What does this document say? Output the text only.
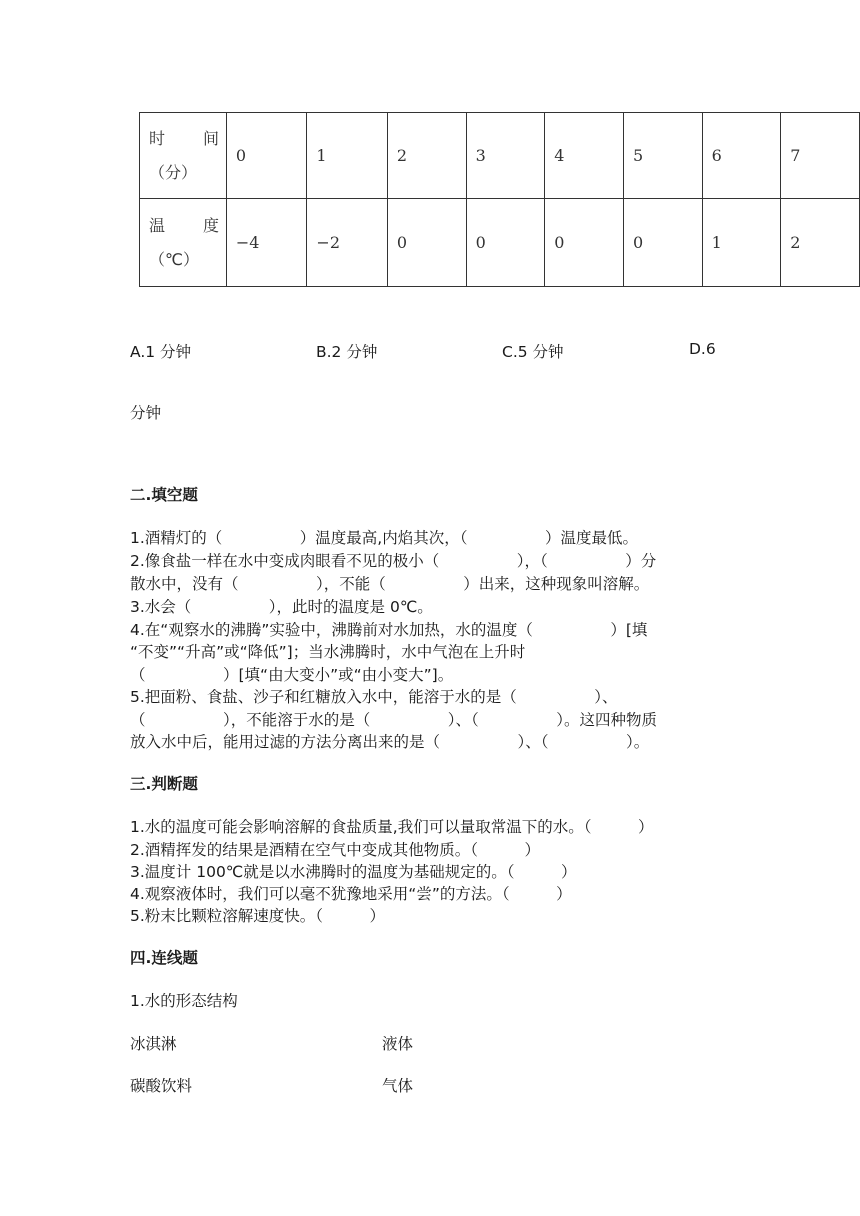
时 间
（分）	0	1	2	3	4	5	6	7

温 度
（℃）	−4	−2	0	0	0	0	1	2
A.1 分钟	B.2 分钟	C.5 分钟	D.6
分钟
二.填空题
1.酒精灯的（　　　　　）温度最高,内焰其次，（　　　　　）温度最低。
2.像食盐一样在水中变成肉眼看不见的极小（　　　　　），（　　　　　）分
散水中，没有（　　　　　），不能（　　　　　）出来，这种现象叫溶解。
3.水会（　　　　　），此时的温度是 0℃。
4.在“观察水的沸腾”实验中，沸腾前对水加热，水的温度（　　　　　）[填
“不变”“升高”或“降低”]；当水沸腾时，水中气泡在上升时
（　　　　　）[填“由大变小”或“由小变大”]。
5.把面粉、食盐、沙子和红糖放入水中，能溶于水的是（　　　　　）、
（　　　　　），不能溶于水的是（　　　　　）、（　　　　　）。这四种物质
放入水中后，能用过滤的方法分离出来的是（　　　　　）、（　　　　　）。
三.判断题
1.水的温度可能会影响溶解的食盐质量,我们可以量取常温下的水。（　　　）
2.酒精挥发的结果是酒精在空气中变成其他物质。（　　　）
3.温度计 100℃就是以水沸腾时的温度为基础规定的。（　　　）
4.观察液体时，我们可以毫不犹豫地采用“尝”的方法。（　　　）
5.粉末比颗粒溶解速度快。（　　　）
四.连线题
1.水的形态结构
冰淇淋	液体
碳酸饮料	气体
